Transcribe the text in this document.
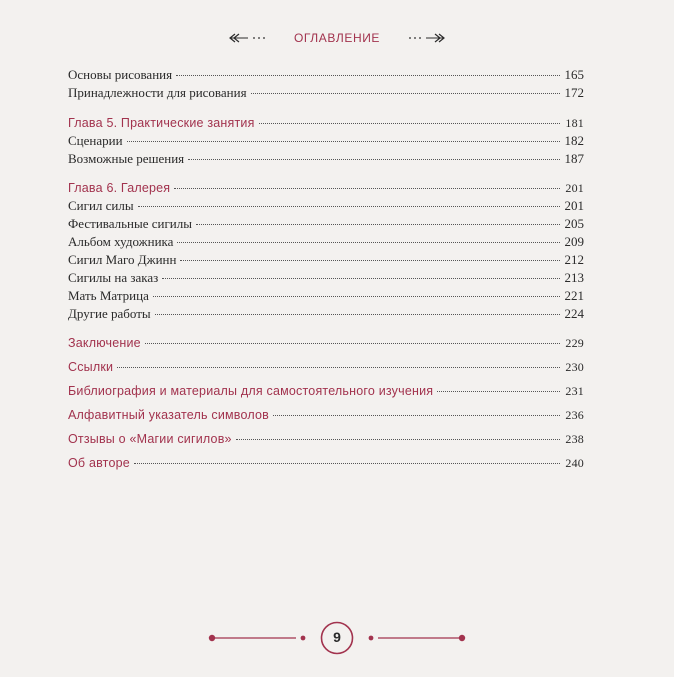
ОГЛАВЛЕНИЕ
Основы рисования	165
Принадлежности для рисования	172
Глава 5. Практические занятия	181
Сценарии	182
Возможные решения	187
Глава 6. Галерея	201
Сигил силы	201
Фестивальные сигилы	205
Альбом художника	209
Сигил Маго Джинн	212
Сигилы на заказ	213
Мать Матрица	221
Другие работы	224
Заключение	229
Ссылки	230
Библиография и материалы для самостоятельного изучения	231
Алфавитный указатель символов	236
Отзывы о «Магии сигилов»	238
Об авторе	240
9
